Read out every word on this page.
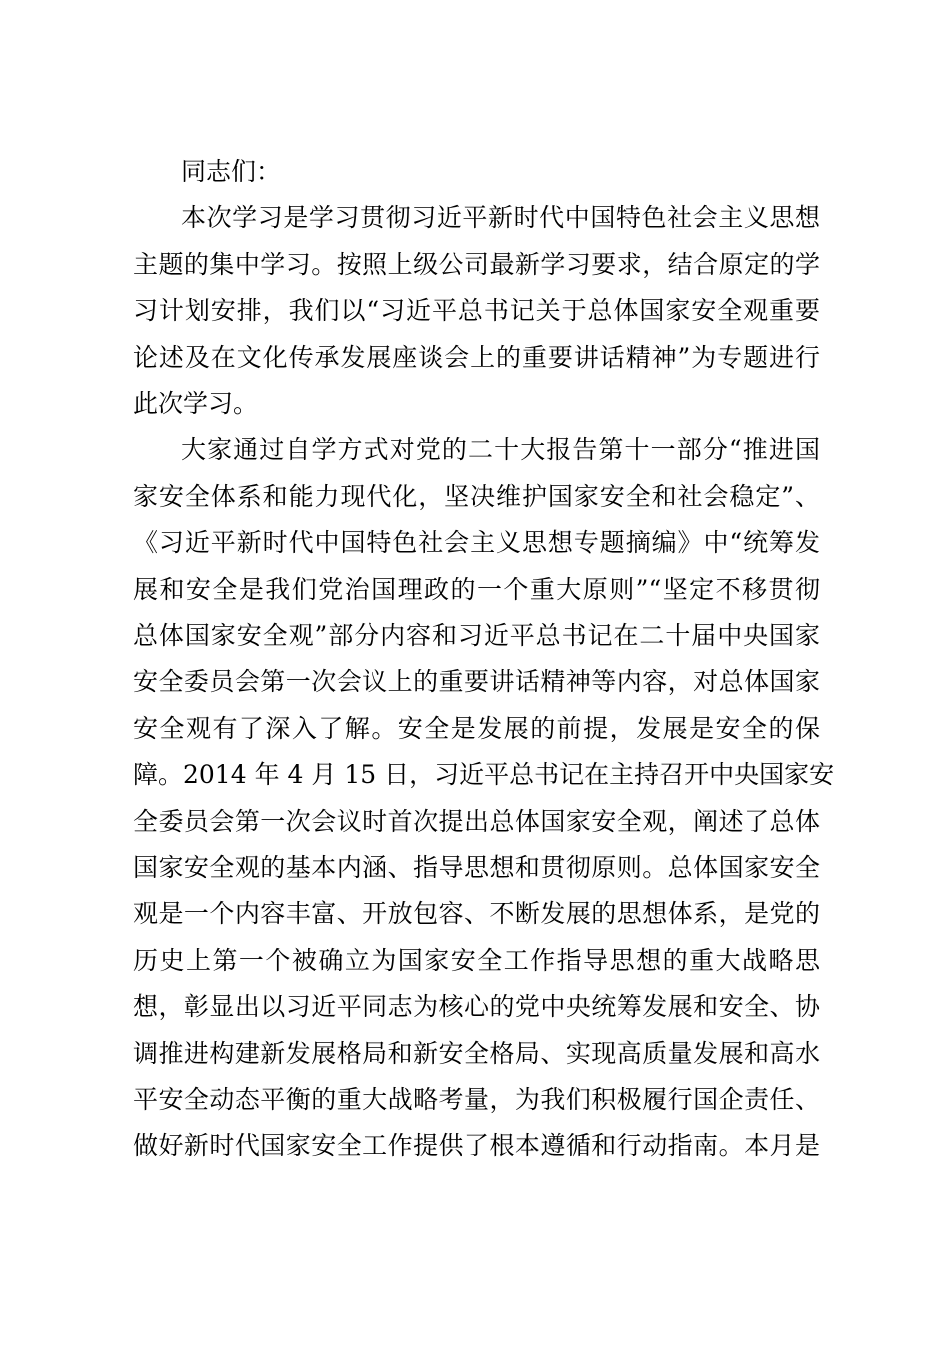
同志们：
本次学习是学习贯彻习近平新时代中国特色社会主义思想
主题的集中学习。按照上级公司最新学习要求，结合原定的学
习计划安排，我们以“习近平总书记关于总体国家安全观重要
论述及在文化传承发展座谈会上的重要讲话精神”为专题进行
此次学习。
大家通过自学方式对党的二十大报告第十一部分“推进国
家安全体系和能力现代化，坚决维护国家安全和社会稳定”、
《习近平新时代中国特色社会主义思想专题摘编》中“统筹发
展和安全是我们党治国理政的一个重大原则”“坚定不移贯彻
总体国家安全观”部分内容和习近平总书记在二十届中央国家
安全委员会第一次会议上的重要讲话精神等内容，对总体国家
安全观有了深入了解。安全是发展的前提，发展是安全的保
障。2014 年 4 月 15 日，习近平总书记在主持召开中央国家安
全委员会第一次会议时首次提出总体国家安全观，阐述了总体
国家安全观的基本内涵、指导思想和贯彻原则。总体国家安全
观是一个内容丰富、开放包容、不断发展的思想体系，是党的
历史上第一个被确立为国家安全工作指导思想的重大战略思
想，彰显出以习近平同志为核心的党中央统筹发展和安全、协
调推进构建新发展格局和新安全格局、实现高质量发展和高水
平安全动态平衡的重大战略考量，为我们积极履行国企责任、
做好新时代国家安全工作提供了根本遵循和行动指南。本月是
